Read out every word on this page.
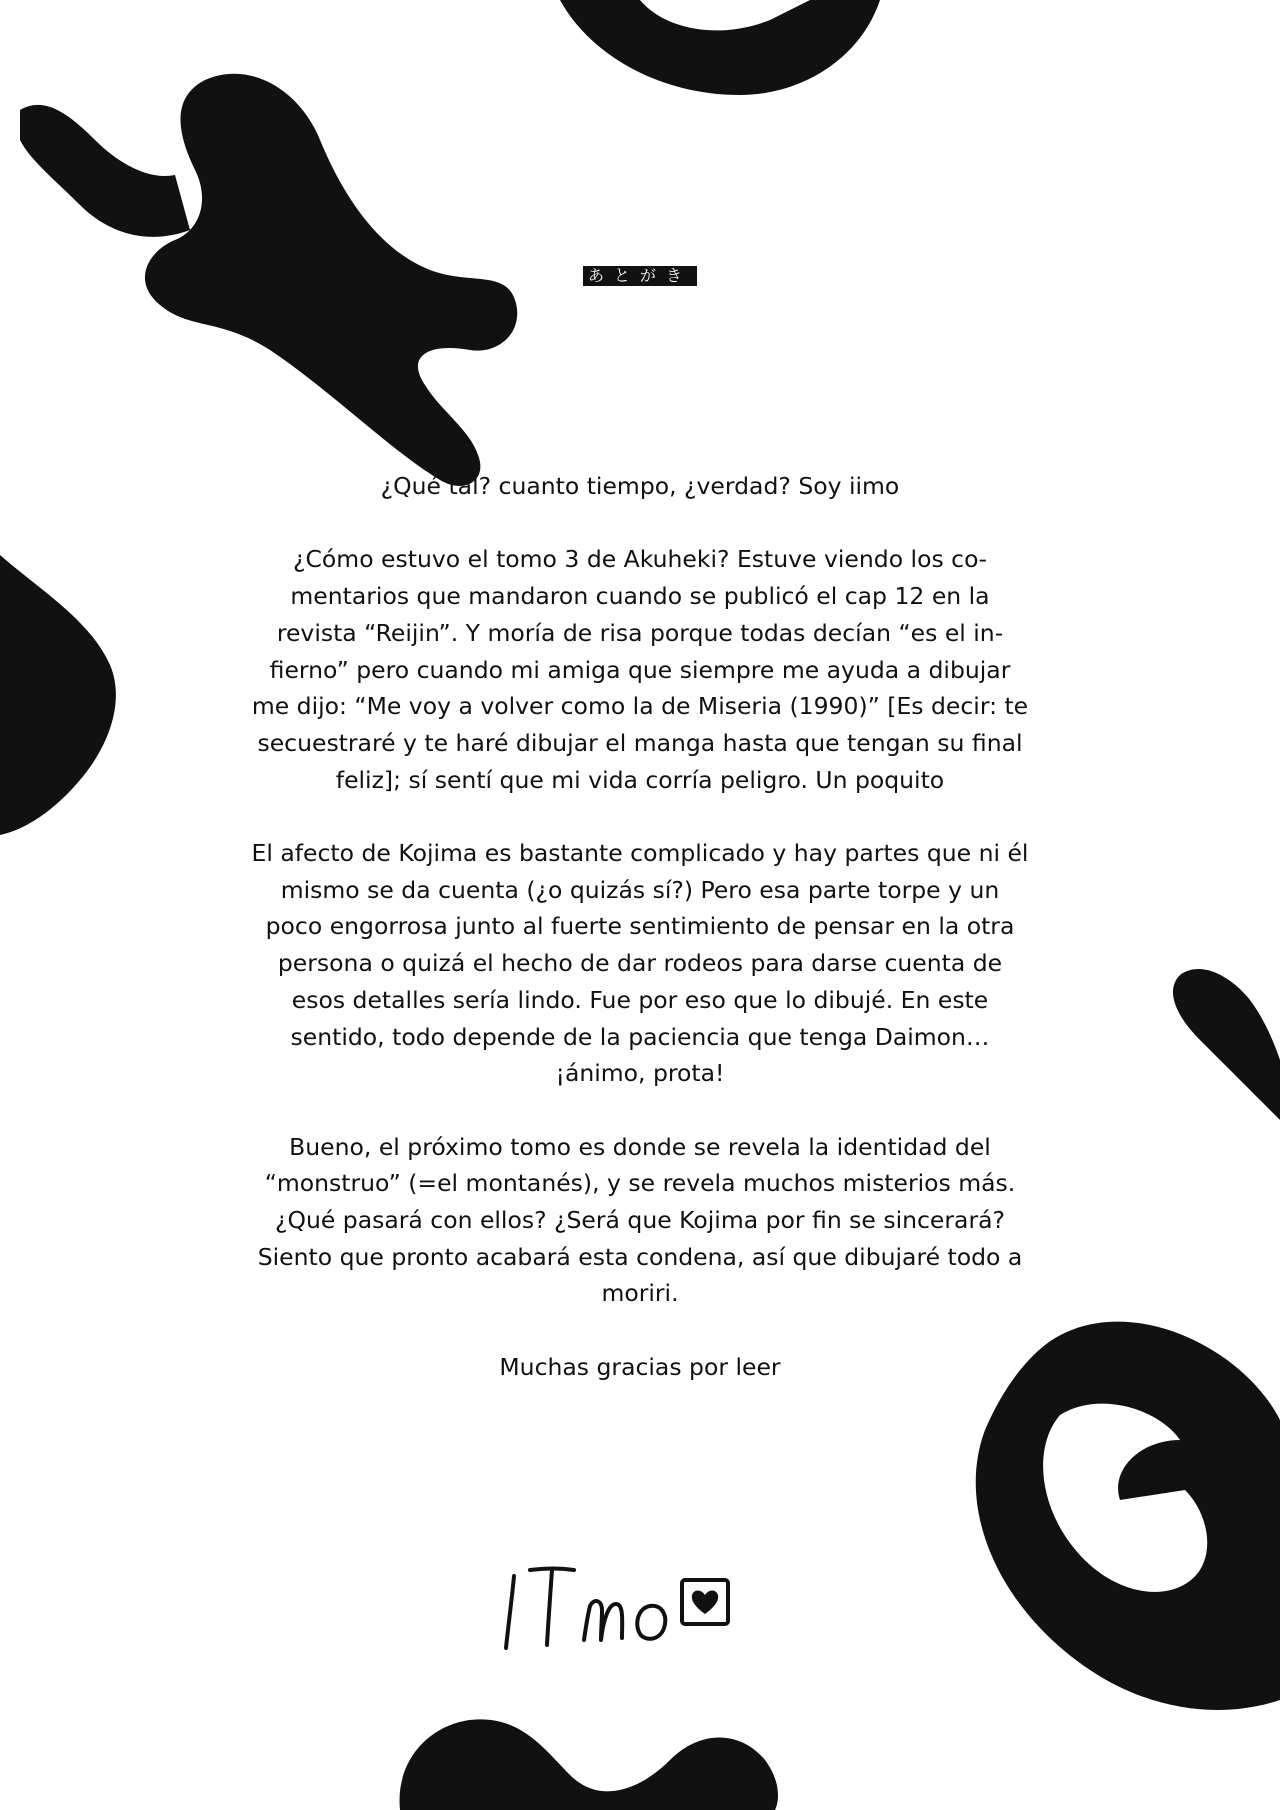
あとがき

¿Qué tal? cuanto tiempo, ¿verdad? Soy iimo

¿Cómo estuvo el tomo 3 de Akuheki? Estuve viendo los comentarios que mandaron cuando se publicó el cap 12 en la revista “Reijin”. Y moría de risa porque todas decían “es el infierno” pero cuando mi amiga que siempre me ayuda a dibujar me dijo: “Me voy a volver como la de Miseria (1990)” [Es decir: te secuestraré y te haré dibujar el manga hasta que tengan su final feliz]; sí sentí que mi vida corría peligro. Un poquito

El afecto de Kojima es bastante complicado y hay partes que ni él mismo se da cuenta (¿o quizás sí?) Pero esa parte torpe y un poco engorrosa junto al fuerte sentimiento de pensar en la otra persona o quizá el hecho de dar rodeos para darse cuenta de esos detalles sería lindo. Fue por eso que lo dibujé. En este sentido, todo depende de la paciencia que tenga Daimon… ¡ánimo, prota!

Bueno, el próximo tomo es donde se revela la identidad del “monstruo” (=el montanés), y se revela muchos misterios más. ¿Qué pasará con ellos? ¿Será que Kojima por fin se sincerará? Siento que pronto acabará esta condena, así que dibujaré todo a moriri.

Muchas gracias por leer
